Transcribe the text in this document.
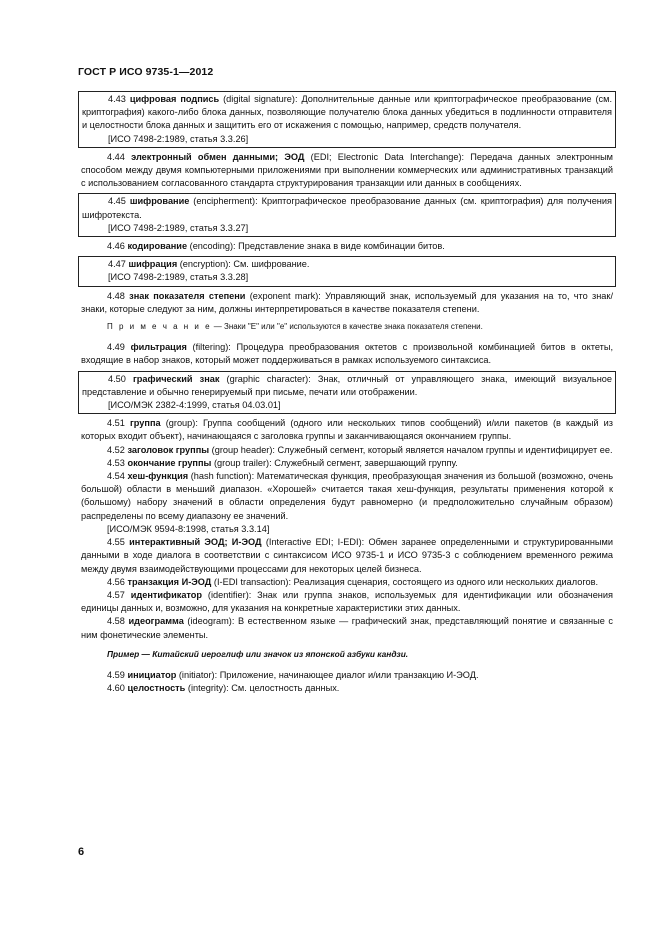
ГОСТ Р ИСО 9735-1—2012

4.43 цифровая подпись (digital signature): Дополнительные данные или криптографическое преобразование (см. криптография) какого-либо блока данных, позволяющие получателю блока данных убедиться в подлинности отправителя и целостности блока данных и защитить его от искажения с помощью, например, средств получателя.

[ИСО 7498-2:1989, статья 3.3.26]

4.44 электронный обмен данными; ЭОД (EDI; Electronic Data Interchange): Передача данных электронным способом между двумя компьютерными приложениями при выполнении коммерческих или административных транзакций с использованием согласованного стандарта структурирования транзакции или данных в сообщениях.

4.45 шифрование (encipherment): Криптографическое преобразование данных (см. криптография) для получения шифротекста.

[ИСО 7498-2:1989, статья 3.3.27]

4.46 кодирование (encoding): Представление знака в виде комбинации битов.

4.47 шифрация (encryption): См. шифрование.

[ИСО 7498-2:1989, статья 3.3.28]

4.48 знак показателя степени (exponent mark): Управляющий знак, используемый для указания на то, что знак/знаки, которые следуют за ним, должны интерпретироваться в качестве показателя степени.

П р и м е ч а н и е — Знаки "E" или "e" используются в качестве знака показателя степени.

4.49 фильтрация (filtering): Процедура преобразования октетов с произвольной комбинацией битов в октеты, входящие в набор знаков, который может поддерживаться в рамках используемого синтаксиса.

4.50 графический знак (graphic character): Знак, отличный от управляющего знака, имеющий визуальное представление и обычно генерируемый при письме, печати или отображении.

[ИСО/МЭК 2382-4:1999, статья 04.03.01]

4.51 группа (group): Группа сообщений (одного или нескольких типов сообщений) и/или пакетов (в каждый из которых входит объект), начинающаяся с заголовка группы и заканчивающаяся окончанием группы.

4.52 заголовок группы (group header): Служебный сегмент, который является началом группы и идентифицирует ее.

4.53 окончание группы (group trailer): Служебный сегмент, завершающий группу.

4.54 хеш-функция (hash function): Математическая функция, преобразующая значения из большой (возможно, очень большой) области в меньший диапазон. «Хорошей» считается такая хеш-функция, результаты применения которой к (большому) набору значений в области определения будут равномерно (и предположительно случайным образом) распределены по всему диапазону ее значений.

[ИСО/МЭК 9594-8:1998, статья 3.3.14]

4.55 интерактивный ЭОД; И-ЭОД (Interactive EDI; I-EDI): Обмен заранее определенными и структурированными данными в ходе диалога в соответствии с синтаксисом ИСО 9735-1 и ИСО 9735-3 с соблюдением временного режима между двумя взаимодействующими процессами для некоторых целей бизнеса.

4.56 транзакция И-ЭОД (I-EDI transaction): Реализация сценария, состоящего из одного или нескольких диалогов.

4.57 идентификатор (identifier): Знак или группа знаков, используемых для идентификации или обозначения единицы данных и, возможно, для указания на конкретные характеристики этих данных.

4.58 идеограмма (ideogram): В естественном языке — графический знак, представляющий понятие и связанные с ним фонетические элементы.

Пример — Китайский иероглиф или значок из японской азбуки кандзи.

4.59 инициатор (initiator): Приложение, начинающее диалог и/или транзакцию И-ЭОД.

4.60 целостность (integrity): См. целостность данных.

6
